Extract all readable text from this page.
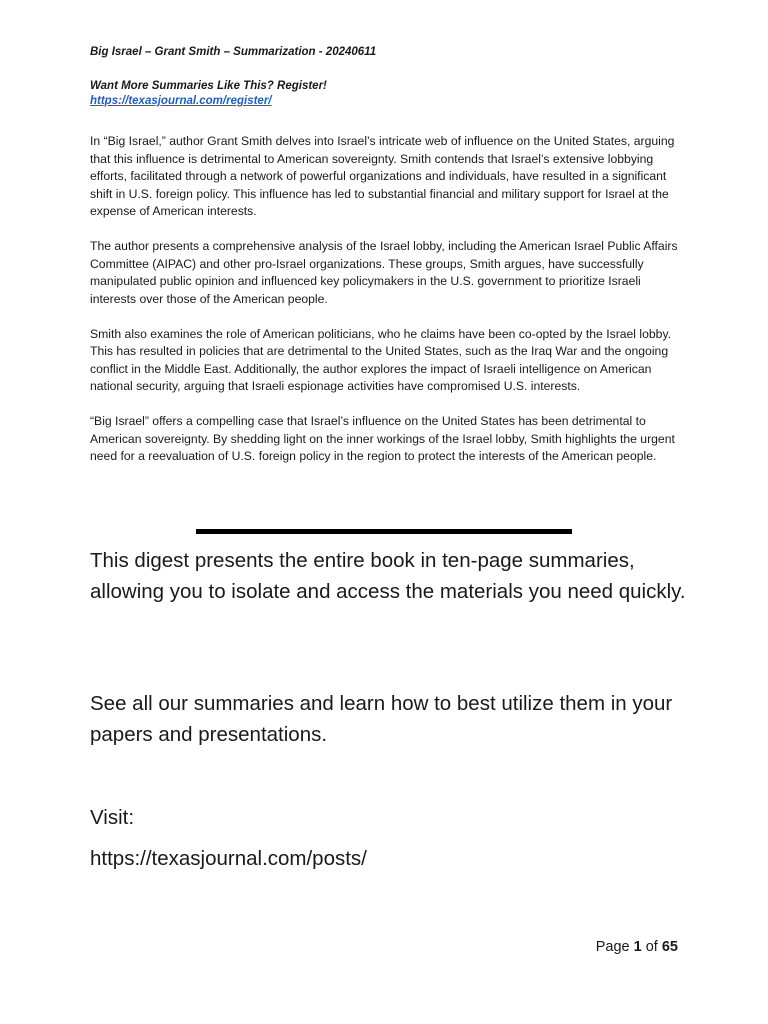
Big Israel – Grant Smith – Summarization - 20240611
Want More Summaries Like This? Register!
https://texasjournal.com/register/

In “Big Israel,” author Grant Smith delves into Israel’s intricate web of influence on the United States, arguing that this influence is detrimental to American sovereignty. Smith contends that Israel’s extensive lobbying efforts, facilitated through a network of powerful organizations and individuals, have resulted in a significant shift in U.S. foreign policy. This influence has led to substantial financial and military support for Israel at the expense of American interests.

The author presents a comprehensive analysis of the Israel lobby, including the American Israel Public Affairs Committee (AIPAC) and other pro-Israel organizations. These groups, Smith argues, have successfully manipulated public opinion and influenced key policymakers in the U.S. government to prioritize Israeli interests over those of the American people.

Smith also examines the role of American politicians, who he claims have been co-opted by the Israel lobby. This has resulted in policies that are detrimental to the United States, such as the Iraq War and the ongoing conflict in the Middle East. Additionally, the author explores the impact of Israeli intelligence on American national security, arguing that Israeli espionage activities have compromised U.S. interests.

“Big Israel” offers a compelling case that Israel’s influence on the United States has been detrimental to American sovereignty. By shedding light on the inner workings of the Israel lobby, Smith highlights the urgent need for a reevaluation of U.S. foreign policy in the region to protect the interests of the American people.

This digest presents the entire book in ten-page summaries, allowing you to isolate and access the materials you need quickly.

See all our summaries and learn how to best utilize them in your papers and presentations.
Visit:
https://texasjournal.com/posts/
Page 1 of 65
